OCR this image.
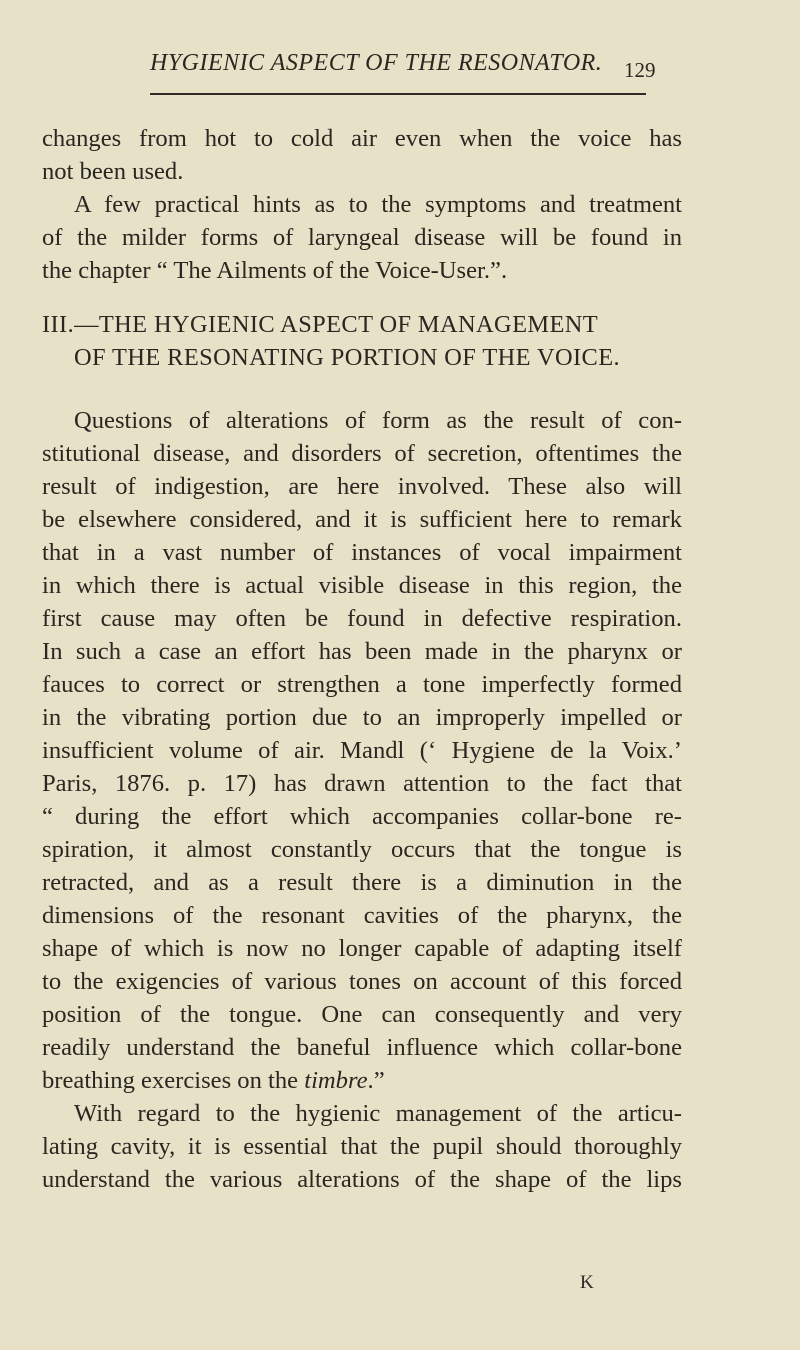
HYGIENIC ASPECT OF THE RESONATOR. 129
changes from hot to cold air even when the voice has
not been used.
A few practical hints as to the symptoms and treatment
of the milder forms of laryngeal disease will be found in
the chapter “ The Ailments of the Voice-User.”.
III.—THE HYGIENIC ASPECT OF MANAGEMENT
OF THE RESONATING PORTION OF THE VOICE.
Questions of alterations of form as the result of con-
stitutional disease, and disorders of secretion, oftentimes the
result of indigestion, are here involved. These also will
be elsewhere considered, and it is sufficient here to remark
that in a vast number of instances of vocal impairment
in which there is actual visible disease in this region, the
first cause may often be found in defective respiration.
In such a case an effort has been made in the pharynx or
fauces to correct or strengthen a tone imperfectly formed
in the vibrating portion due to an improperly impelled or
insufficient volume of air. Mandl (‘ Hygiene de la Voix.’
Paris, 1876. p. 17) has drawn attention to the fact that
“ during the effort which accompanies collar-bone re-
spiration, it almost constantly occurs that the tongue is
retracted, and as a result there is a diminution in the
dimensions of the resonant cavities of the pharynx, the
shape of which is now no longer capable of adapting itself
to the exigencies of various tones on account of this forced
position of the tongue. One can consequently and very
readily understand the baneful influence which collar-bone
breathing exercises on the timbre.”
With regard to the hygienic management of the articu-
lating cavity, it is essential that the pupil should thoroughly
understand the various alterations of the shape of the lips
K
